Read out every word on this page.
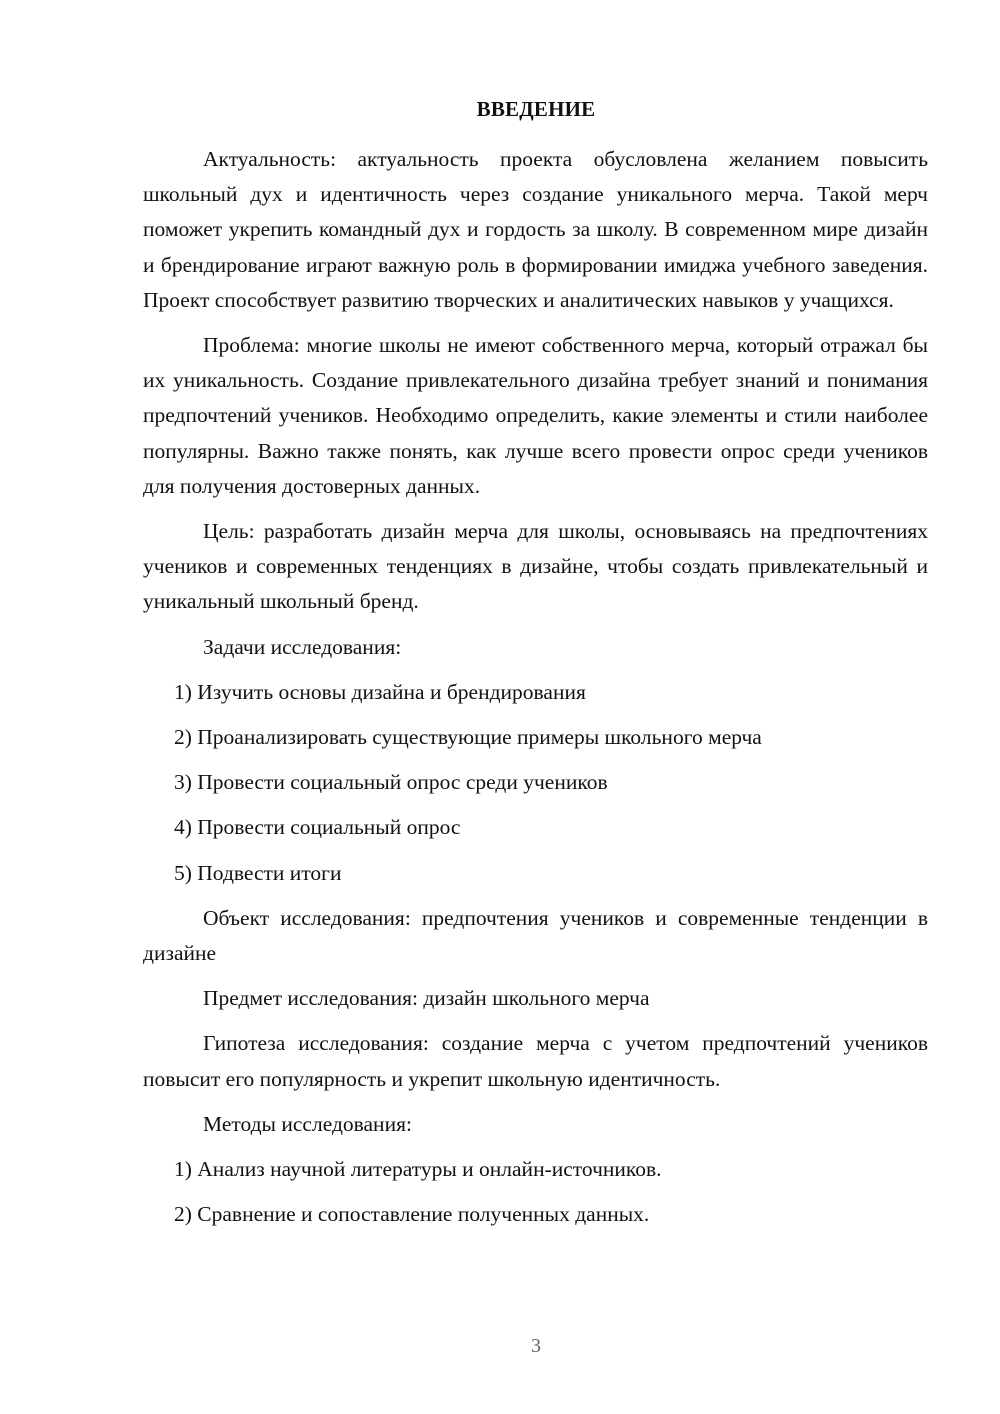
ВВЕДЕНИЕ

Актуальность: актуальность проекта обусловлена желанием повысить школьный дух и идентичность через создание уникального мерча. Такой мерч поможет укрепить командный дух и гордость за школу. В современном мире дизайн и брендирование играют важную роль в формировании имиджа учебного заведения. Проект способствует развитию творческих и аналитических навыков у учащихся.

Проблема: многие школы не имеют собственного мерча, который отражал бы их уникальность. Создание привлекательного дизайна требует знаний и понимания предпочтений учеников. Необходимо определить, какие элементы и стили наиболее популярны. Важно также понять, как лучше всего провести опрос среди учеников для получения достоверных данных.

Цель: разработать дизайн мерча для школы, основываясь на предпочтениях учеников и современных тенденциях в дизайне, чтобы создать привлекательный и уникальный школьный бренд.

Задачи исследования:

1) Изучить основы дизайна и брендирования

2) Проанализировать существующие примеры школьного мерча

3) Провести социальный опрос среди учеников

4) Провести социальный опрос

5) Подвести итоги

Объект исследования: предпочтения учеников и современные тенденции в дизайне

Предмет исследования: дизайн школьного мерча

Гипотеза исследования: создание мерча с учетом предпочтений учеников повысит его популярность и укрепит школьную идентичность.

Методы исследования:

1) Анализ научной литературы и онлайн-источников.

2) Сравнение и сопоставление полученных данных.

3
